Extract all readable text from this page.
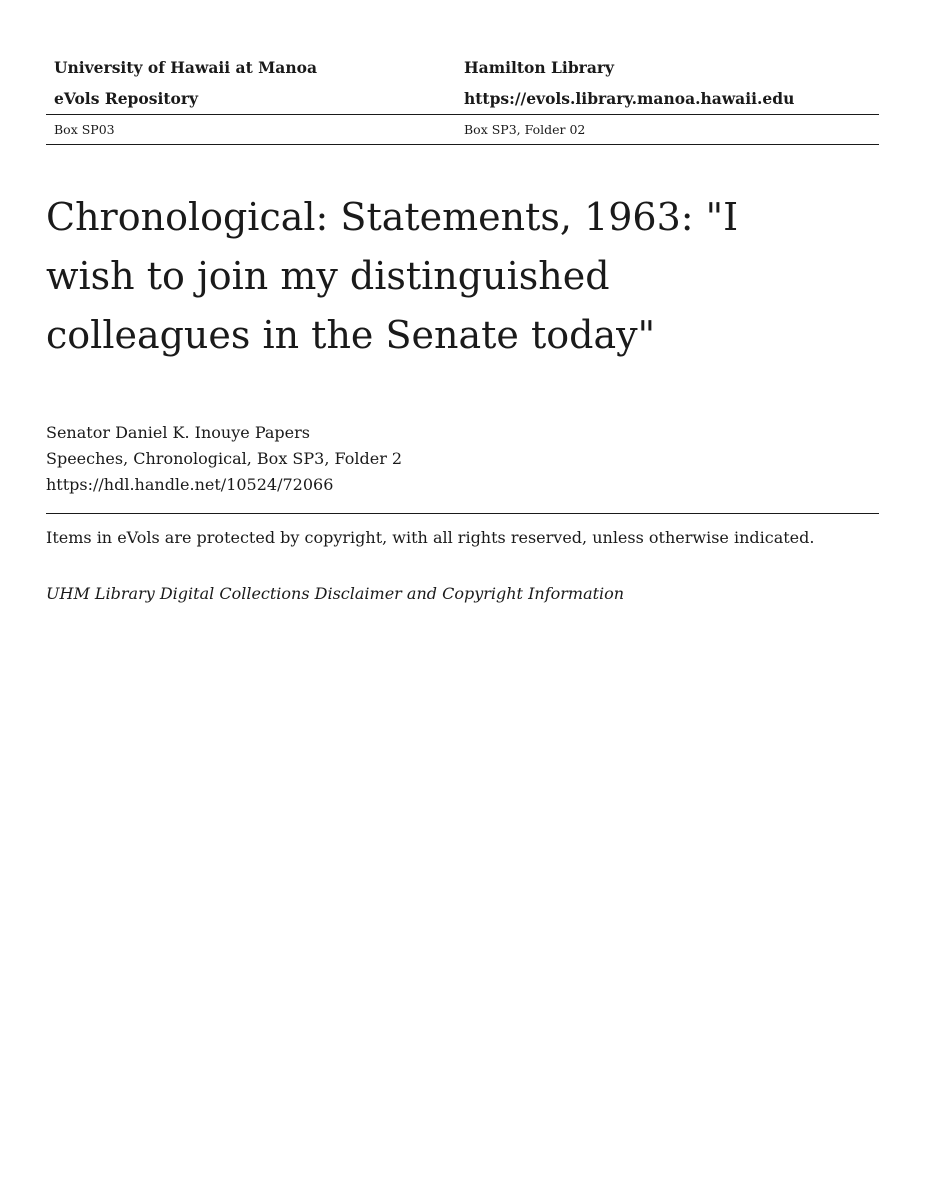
University of Hawaii at Manoa	Hamilton Library
eVols Repository	https://evols.library.manoa.hawaii.edu
Box SP03	Box SP3, Folder 02
Chronological: Statements, 1963: "I wish to join my distinguished colleagues in the Senate today"
Senator Daniel K. Inouye Papers
Speeches, Chronological, Box SP3, Folder 2
https://hdl.handle.net/10524/72066
Items in eVols are protected by copyright, with all rights reserved, unless otherwise indicated.
UHM Library Digital Collections Disclaimer and Copyright Information
